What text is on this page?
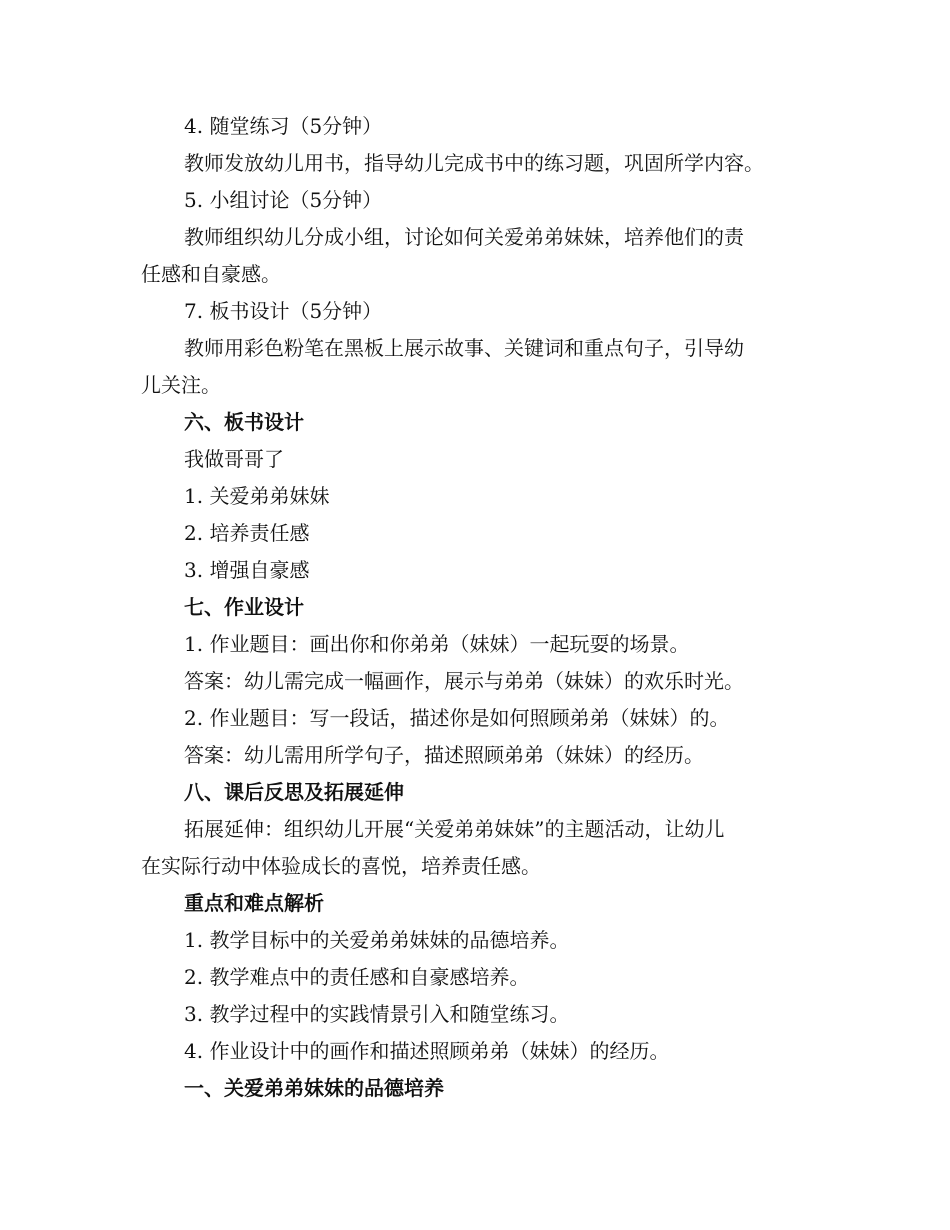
4. 随堂练习（5分钟）
教师发放幼儿用书，指导幼儿完成书中的练习题，巩固所学内容。
5. 小组讨论（5分钟）
教师组织幼儿分成小组，讨论如何关爱弟弟妹妹，培养他们的责
任感和自豪感。
7. 板书设计（5分钟）
教师用彩色粉笔在黑板上展示故事、关键词和重点句子，引导幼
儿关注。
六、板书设计
我做哥哥了
1. 关爱弟弟妹妹
2. 培养责任感
3. 增强自豪感
七、作业设计
1. 作业题目：画出你和你弟弟（妹妹）一起玩耍的场景。
答案：幼儿需完成一幅画作，展示与弟弟（妹妹）的欢乐时光。
2. 作业题目：写一段话，描述你是如何照顾弟弟（妹妹）的。
答案：幼儿需用所学句子，描述照顾弟弟（妹妹）的经历。
八、课后反思及拓展延伸
拓展延伸：组织幼儿开展“关爱弟弟妹妹”的主题活动，让幼儿
在实际行动中体验成长的喜悦，培养责任感。
重点和难点解析
1. 教学目标中的关爱弟弟妹妹的品德培养。
2. 教学难点中的责任感和自豪感培养。
3. 教学过程中的实践情景引入和随堂练习。
4. 作业设计中的画作和描述照顾弟弟（妹妹）的经历。
一、关爱弟弟妹妹的品德培养
